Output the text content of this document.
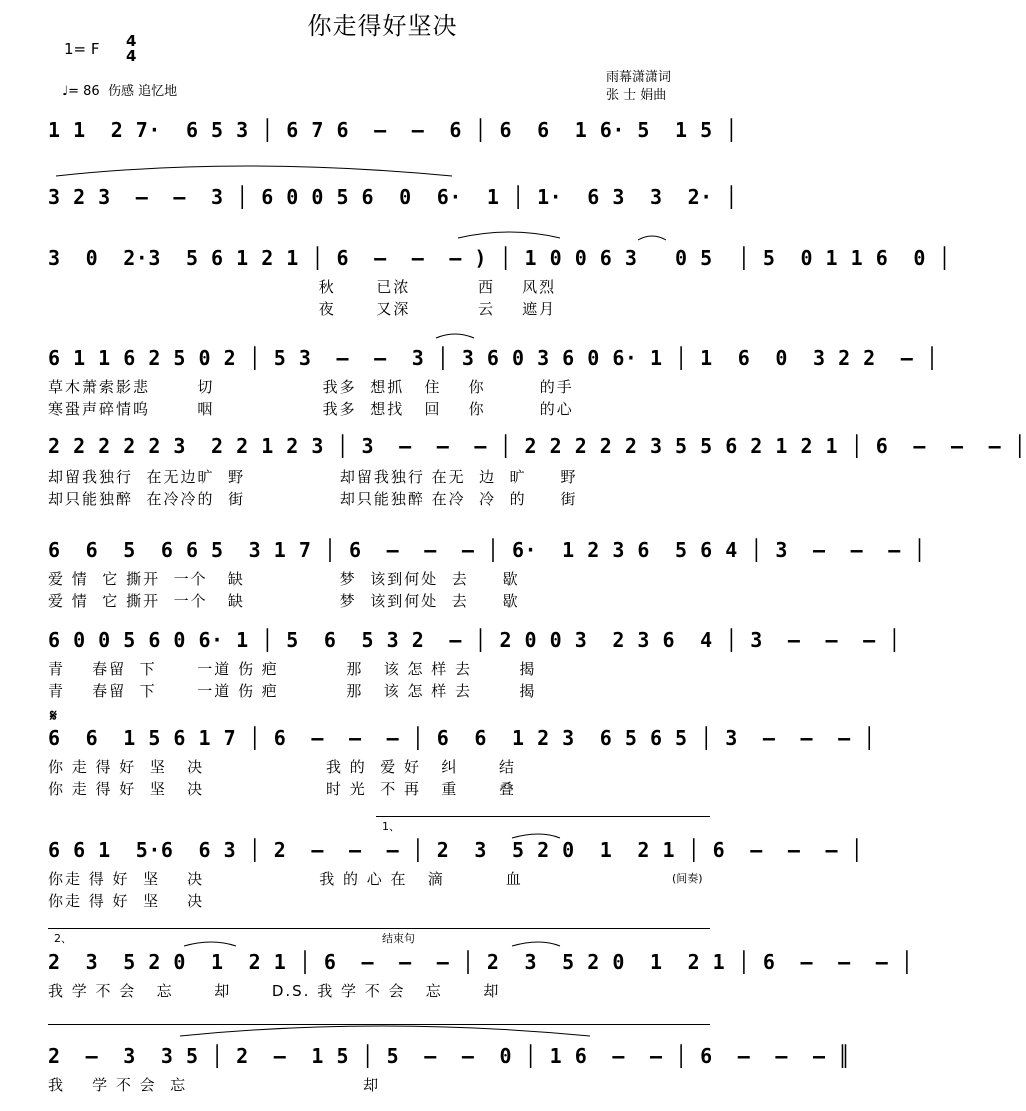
你走得好坚决
1= F 4
4
♩= 86  伤感 追忆地
雨幕潇潇词
张 士 娟曲
1 1  2 7·  6 5 3 │ 6 7 6  –  –  6 │ 6  6  1 6· 5  1 5 │
3 2 3  –  –  3 │ 6 0 0 5 6  0  6·  1 │ 1·  6 3  3  2· │
3  0  2·3  5 6 1 2 1 │ 6  –  –  – ) │ 1 0 0 6 3   0 5  │ 5  0 1 1 6  0 │
秋      已浓          西    风烈
夜      又深          云    遮月
6 1 1 6 2 5 0 2 │ 5 3  –  –  3 │ 3 6 0 3 6 0 6· 1 │ 1  6  0  3 2 2  – │
草木萧索影悲       切                我多  想抓   住    你        的手
寒蛩声碎情呜       咽                我多  想找   回    你        的心
2 2 2 2 2 3  2 2 1 2 3 │ 3  –  –  – │ 2 2 2 2 2 3 5 5 6 2 1 2 1 │ 6  –  –  – │
却留我独行  在无边旷  野              却留我独行 在无  边  旷     野
却只能独醉  在冷冷的  街              却只能独醉 在冷  冷  的     街
6  6  5  6 6 5  3 1 7 │ 6  –  –  – │ 6·  1 2 3 6  5 6 4 │ 3  –  –  – │
爱 情  它 撕开  一个   缺              梦  该到何处  去     歇
爱 情  它 撕开  一个   缺              梦  该到何处  去     歇
6 0 0 5 6 0 6· 1 │ 5  6  5 3 2  – │ 2 0 0 3  2 3 6  4 │ 3  –  –  – │
青    春留  下      一道 伤 疤          那   该 怎 样 去       揭
青    春留  下      一道 伤 疤          那   该 怎 样 去       揭
𝄋
6  6  1 5 6 1 7 │ 6  –  –  – │ 6  6  1 2 3  6 5 6 5 │ 3  –  –  – │
你 走 得 好  坚   决                  我 的  爱 好   纠      结
你 走 得 好  坚   决                  时 光  不 再   重      叠
1、
6 6 1  5·6  6 3 │ 2  –  –  – │ 2  3  5 2 0  1  2 1 │ 6  –  –  – │
你走 得 好  坚    决                 我 的 心 在   滴         血
你走 得 好  坚    决
(间奏)
2、	结束句
2  3  5 2 0  1  2 1 │ 6  –  –  – │ 2  3  5 2 0  1  2 1 │ 6  –  –  – │
我 学 不 会   忘      却      D.S. 我 学 不 会   忘      却
2  –  3  3 5 │ 2  –  1 5 │ 5  –  –  0 │ 1 6  –  – │ 6  –  –  – ║
我    学 不 会  忘                          却
